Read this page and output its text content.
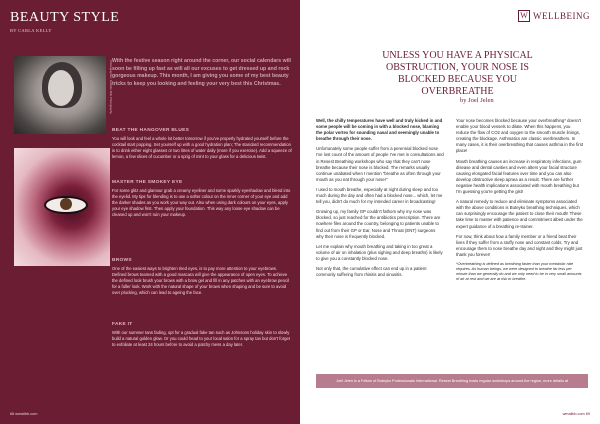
BEAUTY STYLE
BY CARLA KELLY
Photographer: Collette Bolt Photography With the festive season right around the corner, our social calendars will soon be filling up fast as will all our excuses to get dressed up and rock gorgeous makeup. This month, I am giving you some of my best beauty tricks to keep you looking and feeling your very best this Christmas.
BEAT THE HANGOVER BLUES
You will look and feel a whole lot better tomorrow if you've properly hydrated yourself before the cocktail start popping. Set yourself up with a good hydration plan; The standard recommendation is to drink either eight glasses or two litres of water daily (more if you exercise). Add a squeeze of lemon, a few slices of cucumber or a sprig of mint to your glass for a delicious twist.
MASTER THE SMOKEY EYE
For some glitz and glamour grab a creamy eyeliner and some sparkly eyeshadow and blend into the eyelid. My tips for blending is to use a softer colour on the inner corner of your eye and add the darker shades as you work your way out. Also when using dark colours on your eyes, apply your eye shadow first. Then apply your foundation. This way any loose eye shadow can be cleaned up and won't ruin your makeup.
BROWS
One of the easiest ways to brighten tired eyes, is to pay more attention to your eyebrows. Defined brows teamed with a good mascara will give the appearance of open eyes. To achieve the defined look brush your brows with a brow gel and fill in any patches with an eyebrow pencil for a fuller look. Work with the natural shape of your brows when shaping and be sure to avoid over plucking, which can lead to ageing the face.
FAKE IT
With our summer tans fading, opt for a gradual fake tan such as Johnsons holiday skin to slowly build a natural golden glow. Or you could head to your local salon for a spray tan but don't forget to exfoliate at least 24 hours before to avoid a patchy mess a day later.
68 wmailbb.com
W WELLBEING
UNLESS YOU HAVE A PHYSICAL OBSTRUCTION, YOUR NOSE IS BLOCKED BECAUSE YOU OVERBREATHE
by Joel Jelen

Well, the chilly temperatures have well and truly kicked in and some people will be coming in with a blocked nose, blaming the polar vortex for sounding nasal and seemingly unable to breathe through their nose.

Unfortunately some people suffer from a perennial blocked nose I've lost count of the amount of people I've met in consultations and in Resest Breathing workshops who say that they can't nose breathe because their nose is blocked. The remarks usually continue unabated when I mention "breathe as often through your mouth as you eat through your nose!"

I used to mouth breathe, especially at night during sleep and too much during the day and often had a blocked nose... which, let me tell you, didn't do much for my intended career in broadcasting!

Growing up, my family GP couldn't fathom why my nose was blocked, so just reached for the antibiotics prescription. There are nowhere files around the country, belonging to patients unable to find out from their GP or Ear, Nose and Throat (ENT) surgeons why their nose is frequently blocked.

Let me explain why mouth breathing and taking in too great a volume of air on inhalation (plus sighing and deep breaths) is likely to give you a constantly blocked nose.

Not only that, the cumulative effect can end up in a patient commonly suffering from rhinitis and sinusitis.

Your nose becomes blocked because your overbreathing* doesn't enable your blood vessels to dilate. When this happens, you reduce the flow of CO2 and oxygen to the smooth muscle linings, creating the blockage. Asthmatics are classic overbreathers. In many cases, it is their overbreathing that causes asthma in the first place!

Mouth breathing causes an increase in respiratory infections, gum disease and dental cavities and even alters your facial structure causing elongated facial features over time and you can also develop obstructive sleep apnea as a result. There are further negative health implications associated with mouth breathing but I'm guessing you're getting the gist!

A natural remedy to reduce and eliminate symptoms associated with the above conditions is Buteyko breathing techniques, which can surprisingly encourage the patient to close their mouth! These take time to master with patience and commitment albeit under the expert guidance of a breathing re-trainer.

For now, think about how a family member or a friend beat their lives if they suffer from a stuffy nose and constant colds. Try and encourage them to nose breathe day and night and they might just thank you forever!

*Overbreathing is defined as breathing faster than your metabolic rate requires. As human beings, we were designed to breathe far less per minute than we generally do and we only need to be in very small amounts of air at rest and we are at risk to breathe.

Joel Jelen is a Fellow of Buteyko Professionals International. Resest Breathing hosts regular workshops around the region, more details at www.resetbreathing.com
wmailbb.com 69
